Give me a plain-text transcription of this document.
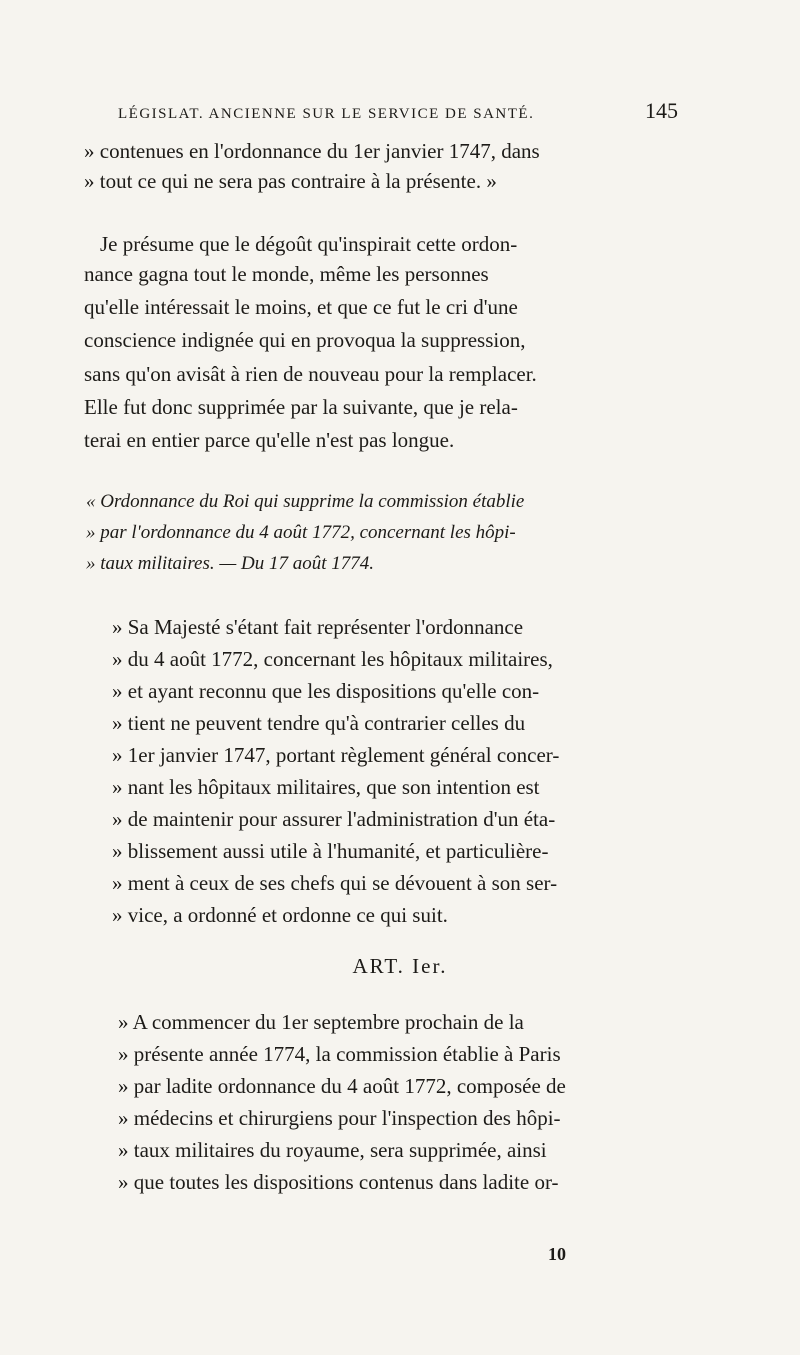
LÉGISLAT. ANCIENNE SUR LE SERVICE DE SANTÉ.	145
» contenues en l'ordonnance du 1er janvier 1747, dans
» tout ce qui ne sera pas contraire à la présente. »
Je présume que le dégoût qu'inspirait cette ordon-
nance gagna tout le monde, même les personnes
qu'elle intéressait le moins, et que ce fut le cri d'une
conscience indignée qui en provoqua la suppression,
sans qu'on avisât à rien de nouveau pour la remplacer.
Elle fut donc supprimée par la suivante, que je rela-
terai en entier parce qu'elle n'est pas longue.
« Ordonnance du Roi qui supprime la commission établie
» par l'ordonnance du 4 août 1772, concernant les hôpi-
» taux militaires. — Du 17 août 1774.
» Sa Majesté s'étant fait représenter l'ordonnance
» du 4 août 1772, concernant les hôpitaux militaires,
» et ayant reconnu que les dispositions qu'elle con-
» tient ne peuvent tendre qu'à contrarier celles du
» 1er janvier 1747, portant règlement général concer-
» nant les hôpitaux militaires, que son intention est
» de maintenir pour assurer l'administration d'un éta-
» blissement aussi utile à l'humanité, et particulière-
» ment à ceux de ses chefs qui se dévouent à son ser-
» vice, a ordonné et ordonne ce qui suit.
ART. Ier.
» A commencer du 1er septembre prochain de la
» présente année 1774, la commission établie à Paris
» par ladite ordonnance du 4 août 1772, composée de
» médecins et chirurgiens pour l'inspection des hôpi-
» taux militaires du royaume, sera supprimée, ainsi
» que toutes les dispositions contenus dans ladite or-
10
